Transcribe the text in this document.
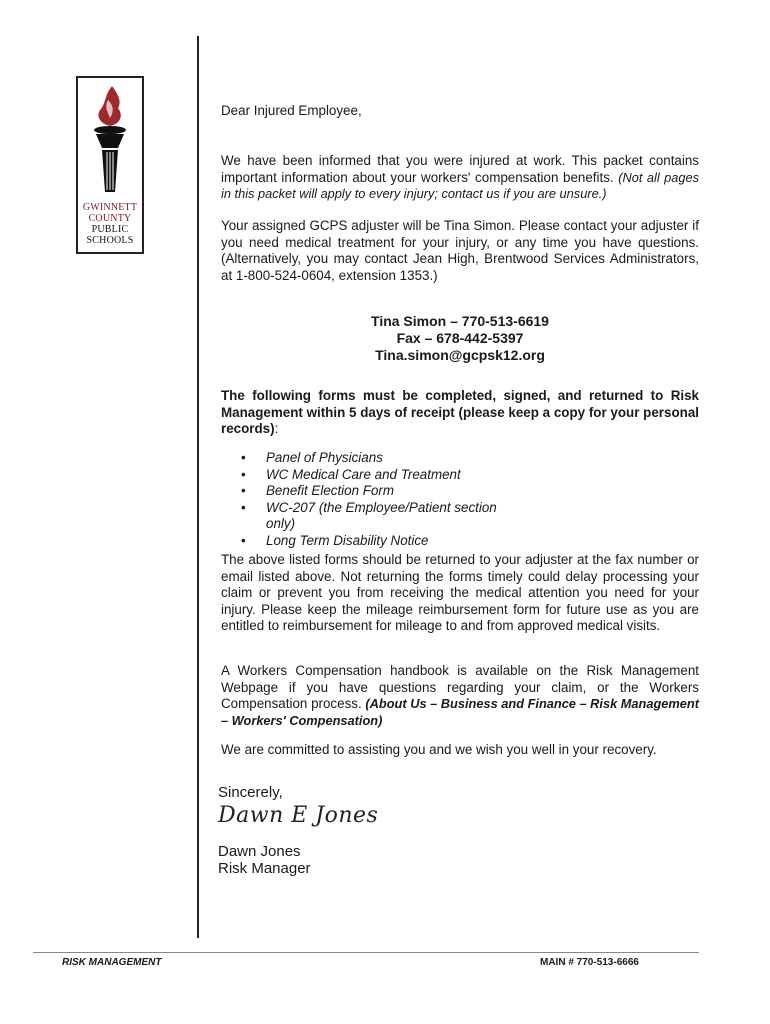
GWINNETT
COUNTY
PUBLIC
SCHOOLS

Dear Injured Employee,

We have been informed that you were injured at work. This packet contains important information about your workers' compensation benefits. (Not all pages in this packet will apply to every injury; contact us if you are unsure.)

Your assigned GCPS adjuster will be Tina Simon. Please contact your adjuster if you need medical treatment for your injury, or any time you have questions. (Alternatively, you may contact Jean High, Brentwood Services Administrators, at 1-800-524-0604, extension 1353.)

Tina Simon – 770-513-6619
Fax – 678-442-5397
Tina.simon@gcpsk12.org

The following forms must be completed, signed, and returned to Risk Management within 5 days of receipt (please keep a copy for your personal records):

• Panel of Physicians
• WC Medical Care and Treatment
• Benefit Election Form
• WC-207 (the Employee/Patient section only)
• Long Term Disability Notice

The above listed forms should be returned to your adjuster at the fax number or email listed above. Not returning the forms timely could delay processing your claim or prevent you from receiving the medical attention you need for your injury. Please keep the mileage reimbursement form for future use as you are entitled to reimbursement for mileage to and from approved medical visits.

A Workers Compensation handbook is available on the Risk Management Webpage if you have questions regarding your claim, or the Workers Compensation process. (About Us – Business and Finance – Risk Management – Workers' Compensation)

We are committed to assisting you and we wish you well in your recovery.

Sincerely,
Dawn E Jones
Dawn Jones
Risk Manager
RISK MANAGEMENT	MAIN # 770-513-6666
